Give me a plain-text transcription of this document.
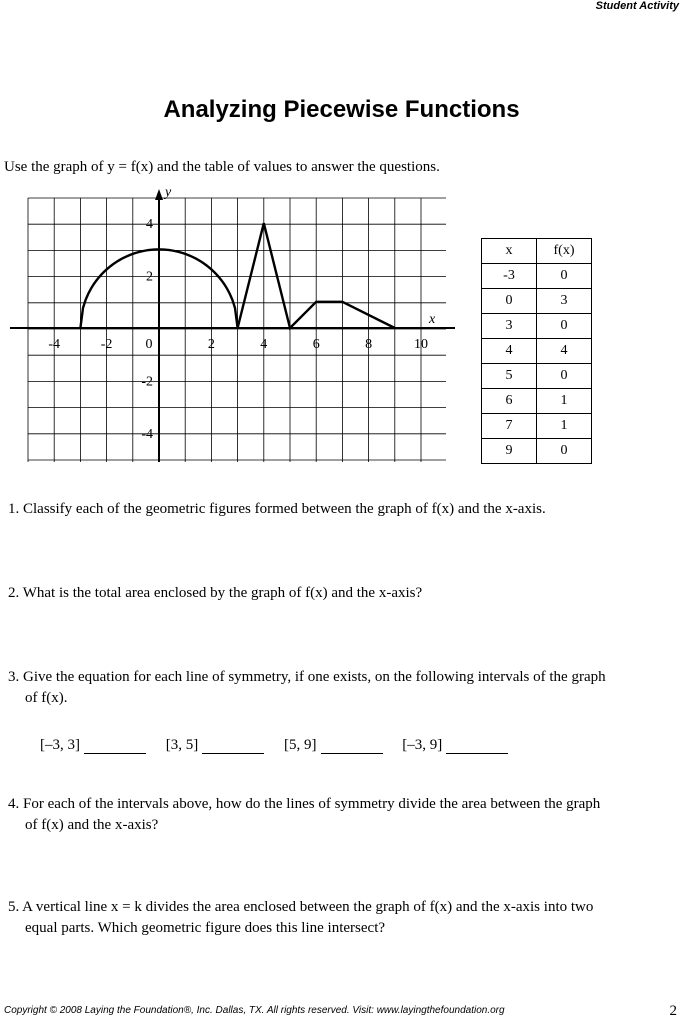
Student Activity
Analyzing Piecewise Functions
Use the graph of y = f(x) and the table of values to answer the questions.
-4	-2 0	2	4	6	8	10
4
2
-2
-4
x
y
x	f(x)
-3	0
0	3
3	0
4	4
5	0
6	1
7	1
9	0
1. Classify each of the geometric figures formed between the graph of f(x) and the x-axis.
2. What is the total area enclosed by the graph of f(x) and the x-axis?
3. Give the equation for each line of symmetry, if one exists, on the following intervals of the graph
of f(x).
[–3, 3]	[3, 5]	[5, 9]	[–3, 9]
4. For each of the intervals above, how do the lines of symmetry divide the area between the graph
of f(x) and the x-axis?
5. A vertical line x = k divides the area enclosed between the graph of f(x) and the x-axis into two
equal parts. Which geometric figure does this line intersect?
Copyright © 2008 Laying the Foundation®, Inc. Dallas, TX. All rights reserved. Visit: www.layingthefoundation.org	2
